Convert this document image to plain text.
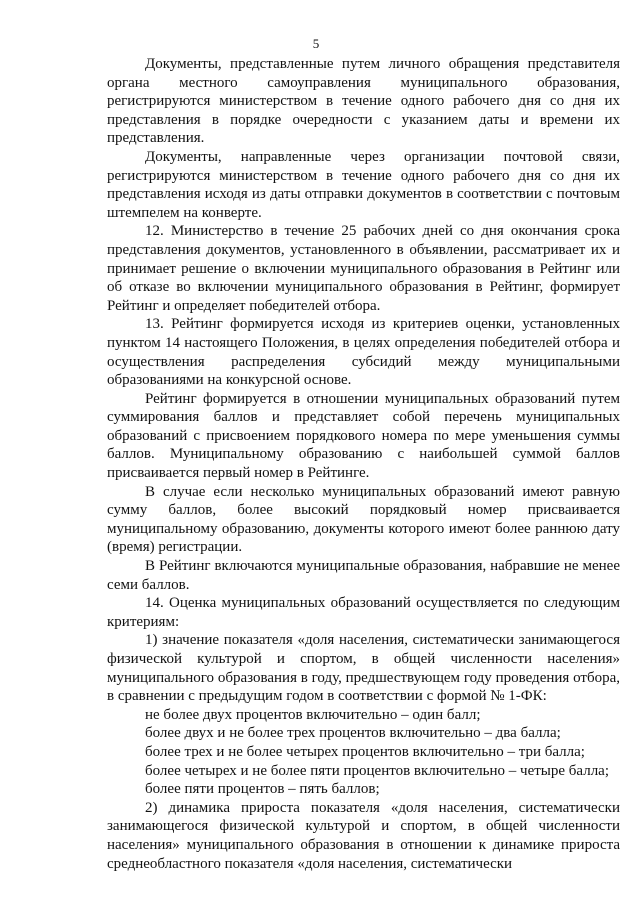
5

Документы, представленные путем личного обращения представителя органа местного самоуправления муниципального образования, регистрируются министерством в течение одного рабочего дня со дня их представления в порядке очередности с указанием даты и времени их представления.

Документы, направленные через организации почтовой связи, регистрируются министерством в течение одного рабочего дня со дня их представления исходя из даты отправки документов в соответствии с почтовым штемпелем на конверте.

12. Министерство в течение 25 рабочих дней со дня окончания срока представления документов, установленного в объявлении, рассматривает их и принимает решение о включении муниципального образования в Рейтинг или об отказе во включении муниципального образования в Рейтинг, формирует Рейтинг и определяет победителей отбора.

13. Рейтинг формируется исходя из критериев оценки, установленных пунктом 14 настоящего Положения, в целях определения победителей отбора и осуществления распределения субсидий между муниципальными образованиями на конкурсной основе.

Рейтинг формируется в отношении муниципальных образований путем суммирования баллов и представляет собой перечень муниципальных образований с присвоением порядкового номера по мере уменьшения суммы баллов. Муниципальному образованию с наибольшей суммой баллов присваивается первый номер в Рейтинге.

В случае если несколько муниципальных образований имеют равную сумму баллов, более высокий порядковый номер присваивается муниципальному образованию, документы которого имеют более раннюю дату (время) регистрации.

В Рейтинг включаются муниципальные образования, набравшие не менее семи баллов.

14. Оценка муниципальных образований осуществляется по следующим критериям:

1) значение показателя «доля населения, систематически занимающегося физической культурой и спортом, в общей численности населения» муниципального образования в году, предшествующем году проведения отбора, в сравнении с предыдущим годом в соответствии с формой № 1-ФК:

не более двух процентов включительно – один балл;

более двух и не более трех процентов включительно – два балла;

более трех и не более четырех процентов включительно – три балла;

более четырех и не более пяти процентов включительно – четыре балла;

более пяти процентов – пять баллов;

2) динамика прироста показателя «доля населения, систематически занимающегося физической культурой и спортом, в общей численности населения» муниципального образования в отношении к динамике прироста среднеобластного показателя «доля населения, систематически
